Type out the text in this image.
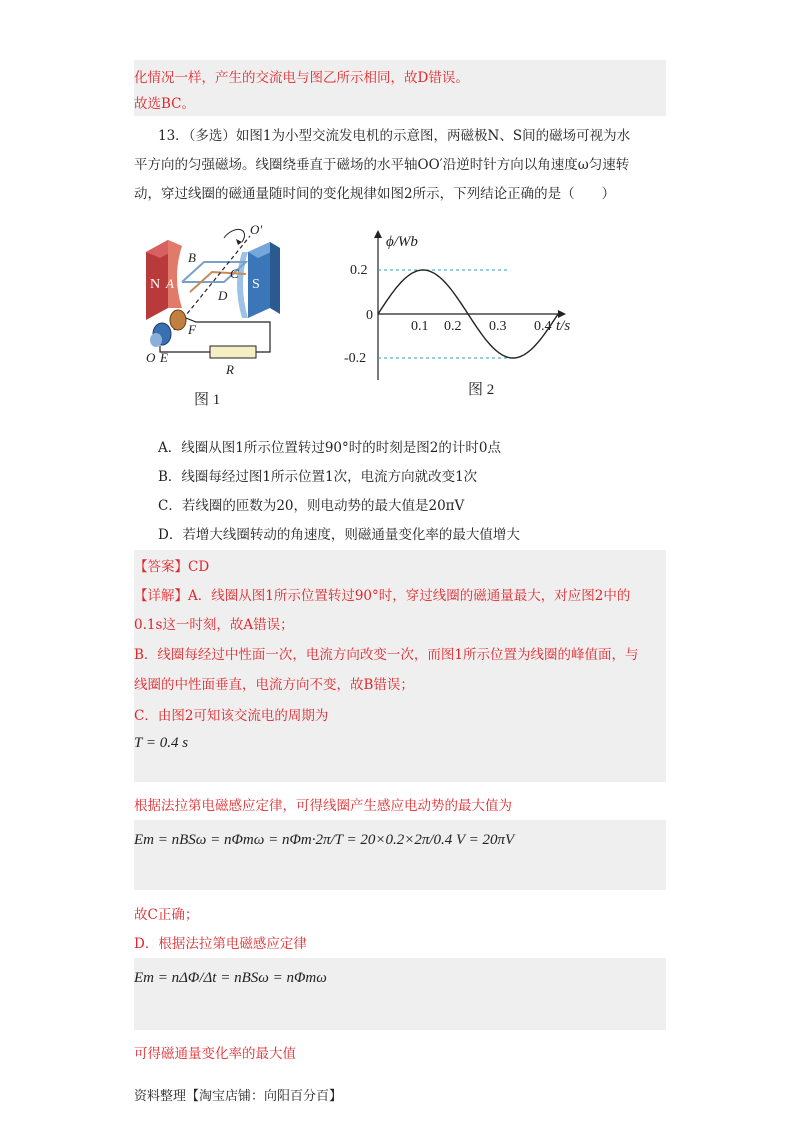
化情况一样，产生的交流电与图乙所示相同，故D错误。
故选BC。
13．（多选）如图1为小型交流发电机的示意图，两磁极N、S间的磁场可视为水
平方向的匀强磁场。线圈绕垂直于磁场的水平轴OO′沿逆时针方向以角速度ω匀速转
动，穿过线圈的磁通量随时间的变化规律如图2所示，下列结论正确的是（　　）
N	S
A
B
C
D
F
O E
O′
R
图 1
ϕ/Wb
t/s
0
0.2
-0.2
0.1 0.2 0.3 0.4
图 2
A．线圈从图1所示位置转过90°时的时刻是图2的计时0点
B．线圈每经过图1所示位置1次，电流方向就改变1次
C．若线圈的匝数为20，则电动势的最大值是20πV
D．若增大线圈转动的角速度，则磁通量变化率的最大值增大
【答案】CD
【详解】A．线圈从图1所示位置转过90°时，穿过线圈的磁通量最大，对应图2中的
0.1s这一时刻，故A错误；
B．线圈每经过中性面一次，电流方向改变一次，而图1所示位置为线圈的峰值面，与
线圈的中性面垂直，电流方向不变，故B错误；
C．由图2可知该交流电的周期为
T = 0.4 s
根据法拉第电磁感应定律，可得线圈产生感应电动势的最大值为
Em = nBSω = nΦmω = nΦm·2π/T = 20×0.2×2π/0.4 V = 20πV
故C正确；
D．根据法拉第电磁感应定律
Em = nΔΦ/Δt = nBSω = nΦmω
可得磁通量变化率的最大值
资料整理【淘宝店铺：向阳百分百】
